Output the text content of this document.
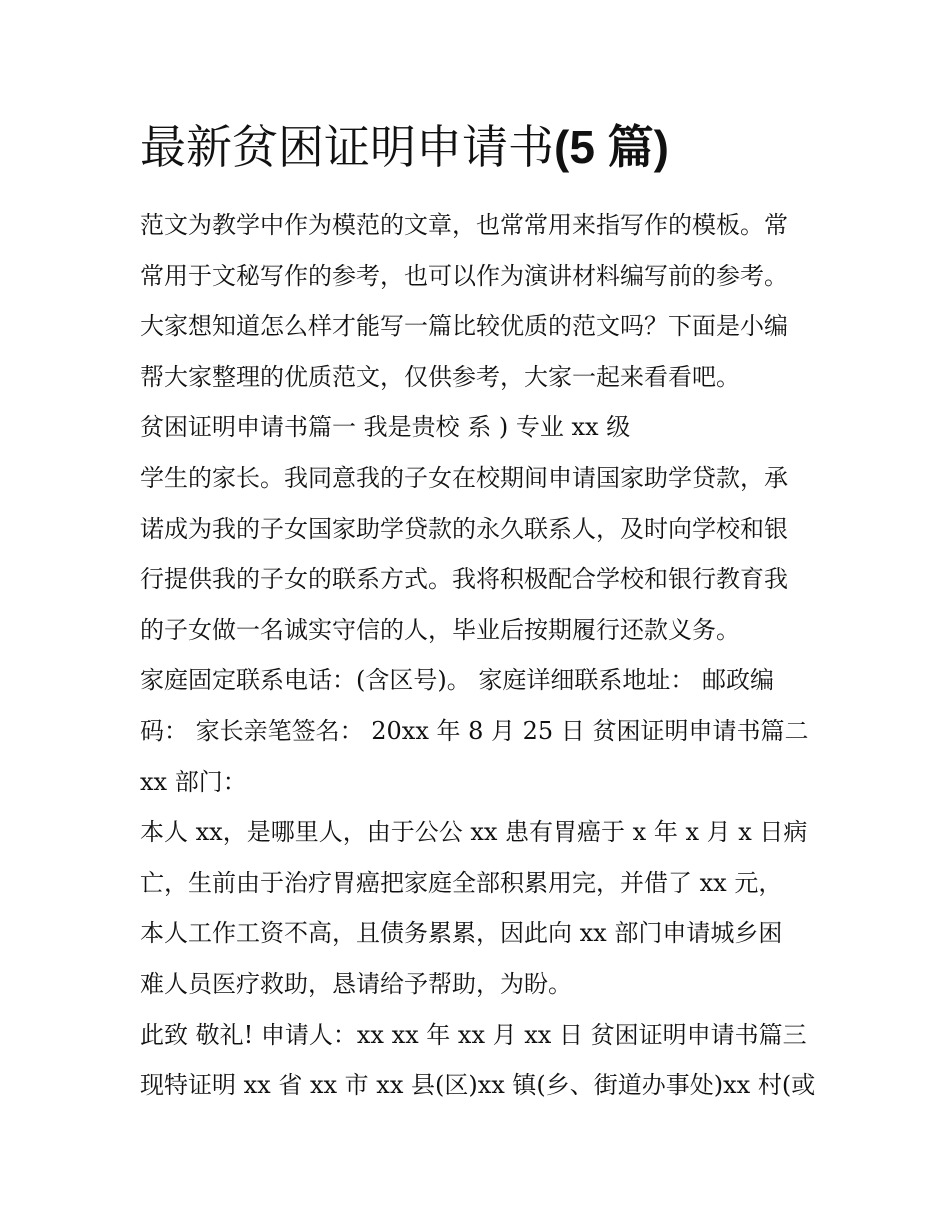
最新贫困证明申请书(5 篇)
范文为教学中作为模范的文章，也常常用来指写作的模板。常
常用于文秘写作的参考，也可以作为演讲材料编写前的参考。
大家想知道怎么样才能写一篇比较优质的范文吗？下面是小编
帮大家整理的优质范文，仅供参考，大家一起来看看吧。
贫困证明申请书篇一 我是贵校 系 ) 专业 xx 级
学生的家长。我同意我的子女在校期间申请国家助学贷款，承
诺成为我的子女国家助学贷款的永久联系人，及时向学校和银
行提供我的子女的联系方式。我将积极配合学校和银行教育我
的子女做一名诚实守信的人，毕业后按期履行还款义务。
家庭固定联系电话：(含区号)。 家庭详细联系地址： 邮政编
码： 家长亲笔签名： 20xx 年 8 月 25 日 贫困证明申请书篇二
xx 部门：
本人 xx，是哪里人，由于公公 xx 患有胃癌于 x 年 x 月 x 日病
亡，生前由于治疗胃癌把家庭全部积累用完，并借了 xx 元，
本人工作工资不高，且债务累累，因此向 xx 部门申请城乡困
难人员医疗救助，恳请给予帮助，为盼。
此致 敬礼! 申请人：xx xx 年 xx 月 xx 日 贫困证明申请书篇三
现特证明 xx 省 xx 市 xx 县(区)xx 镇(乡、街道办事处)xx 村(或
